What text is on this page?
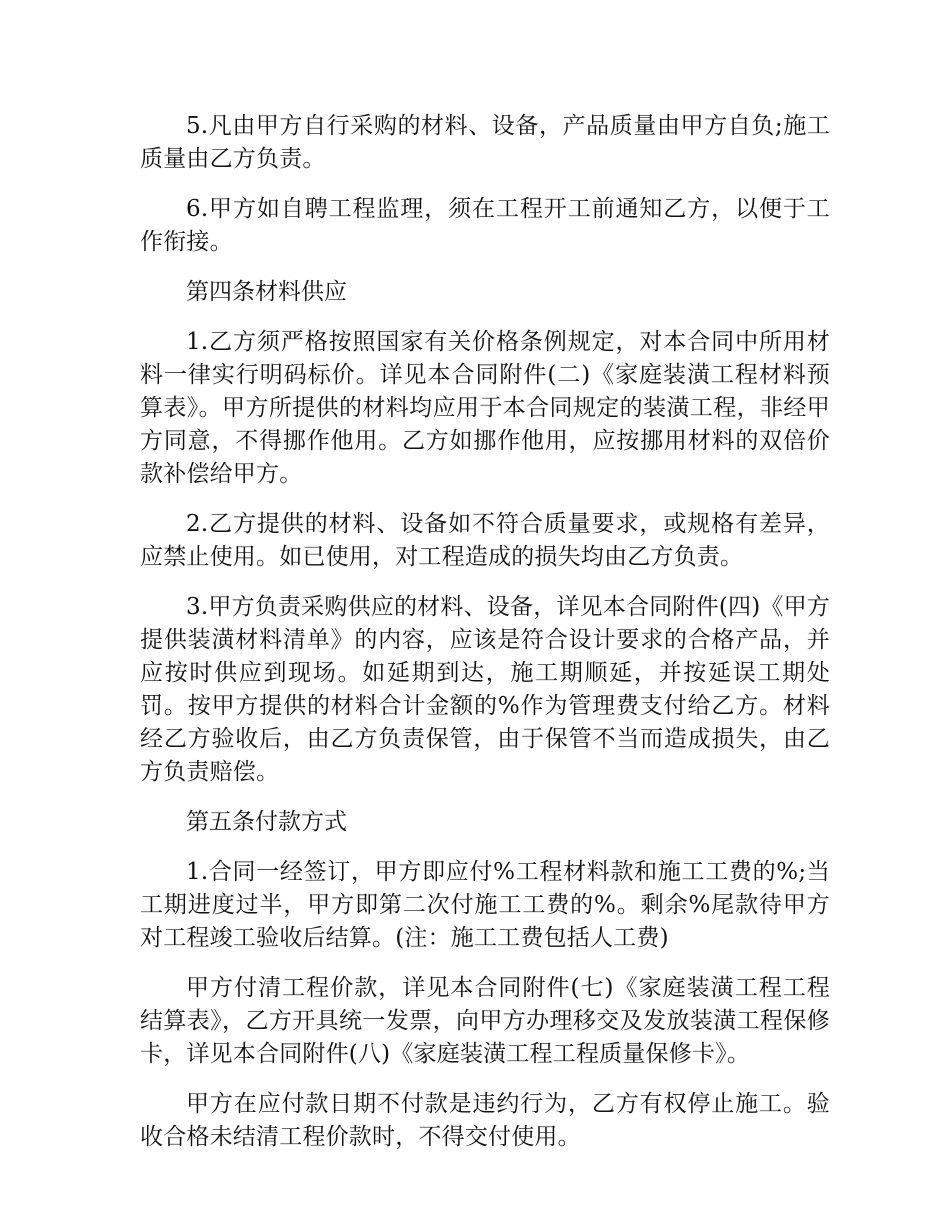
5.凡由甲方自行采购的材料、设备，产品质量由甲方自负;施工质量由乙方负责。

6.甲方如自聘工程监理，须在工程开工前通知乙方，以便于工作衔接。

第四条材料供应

1.乙方须严格按照国家有关价格条例规定，对本合同中所用材料一律实行明码标价。详见本合同附件(二)《家庭装潢工程材料预算表》。甲方所提供的材料均应用于本合同规定的装潢工程，非经甲方同意，不得挪作他用。乙方如挪作他用，应按挪用材料的双倍价款补偿给甲方。

2.乙方提供的材料、设备如不符合质量要求，或规格有差异，应禁止使用。如已使用，对工程造成的损失均由乙方负责。

3.甲方负责采购供应的材料、设备，详见本合同附件(四)《甲方提供装潢材料清单》的内容，应该是符合设计要求的合格产品，并应按时供应到现场。如延期到达，施工期顺延，并按延误工期处罚。按甲方提供的材料合计金额的%作为管理费支付给乙方。材料经乙方验收后，由乙方负责保管，由于保管不当而造成损失，由乙方负责赔偿。

第五条付款方式

1.合同一经签订，甲方即应付%工程材料款和施工工费的%;当工期进度过半，甲方即第二次付施工工费的%。剩余%尾款待甲方对工程竣工验收后结算。(注：施工工费包括人工费)

甲方付清工程价款，详见本合同附件(七)《家庭装潢工程工程结算表》，乙方开具统一发票，向甲方办理移交及发放装潢工程保修卡，详见本合同附件(八)《家庭装潢工程工程质量保修卡》。

甲方在应付款日期不付款是违约行为，乙方有权停止施工。验收合格未结清工程价款时，不得交付使用。
